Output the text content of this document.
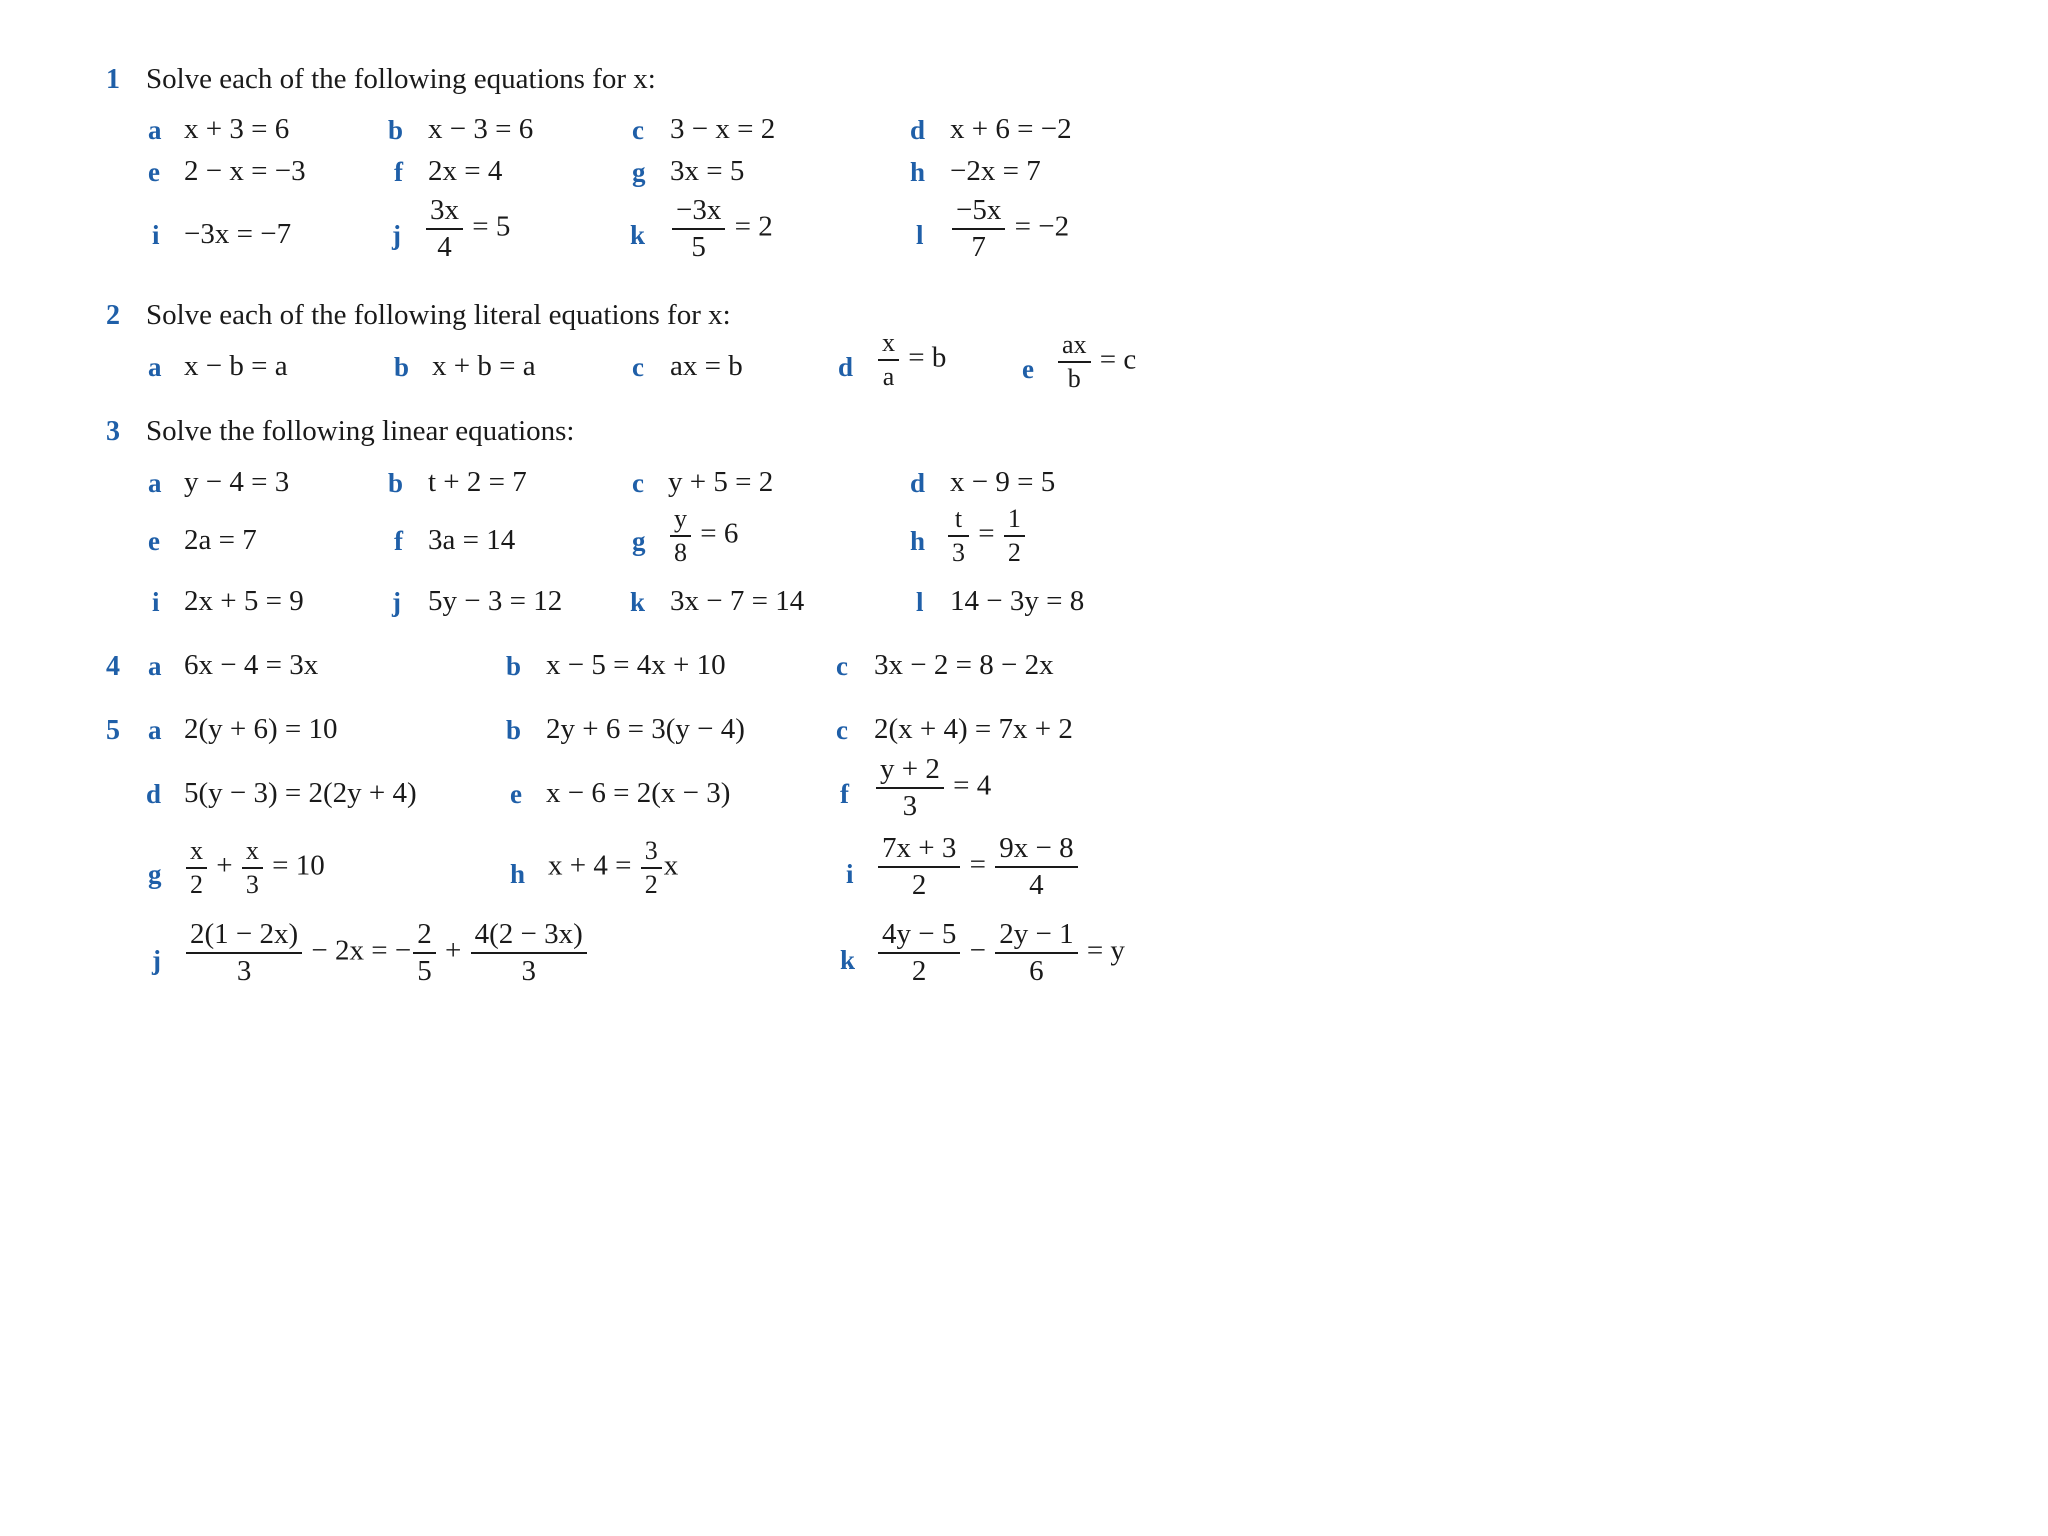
1 Solve each of the following equations for x:
a x + 3 = 6	b x − 3 = 6	c 3 − x = 2	d x + 6 = −2
e 2 − x = −3	f 2x = 4	g 3x = 5	h −2x = 7
i −3x = −7	j $\frac{3x}{4} = 5$	k $\frac{-3x}{5} = 2$	l $\frac{-5x}{7} = -2$
2 Solve each of the following literal equations for x:
a x − b = a	b x + b = a	c ax = b	d $\frac{x}{a} = b$	e $\frac{ax}{b} = c$
3 Solve the following linear equations:
a y − 4 = 3	b t + 2 = 7	c y + 5 = 2	d x − 9 = 5
e 2a = 7	f 3a = 14	g $\frac{y}{8} = 6$	h $\frac{t}{3} = \frac{1}{2}$
i 2x + 5 = 9	j 5y − 3 = 12	k 3x − 7 = 14	l 14 − 3y = 8
4 a 6x − 4 = 3x	b x − 5 = 4x + 10	c 3x − 2 = 8 − 2x
5 a 2(y + 6) = 10	b 2y + 6 = 3(y − 4)	c 2(x + 4) = 7x + 2
d 5(y − 3) = 2(2y + 4)	e x − 6 = 2(x − 3)	f $\frac{y + 2}{3} = 4$
g $\frac{x}{2} + \frac{x}{3} = 10$	h $x + 4 = \frac{3}{2}$ x	i $\frac{7x + 3}{2} = \frac{9x - 8}{4}$
j $\frac{2(1 - 2x)}{3} - 2x$ = − $\frac{2}{5} + \frac{4(2 - 3x)}{3}$	k $\frac{4y - 5}{2} - \frac{2y - 1}{6} = y$
